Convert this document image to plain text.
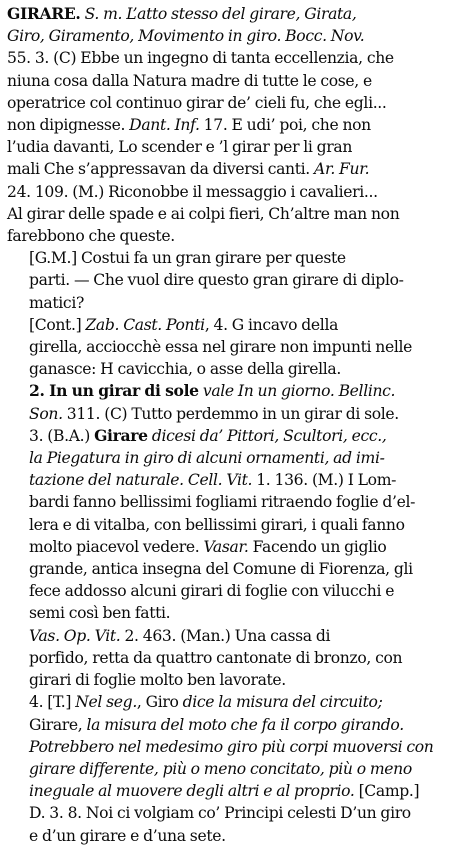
GIRARE. S. m. L’atto stesso del girare, Girata,
Giro, Giramento, Movimento in giro. Bocc. Nov.
55. 3. (C) Ebbe un ingegno di tanta eccellenzia, che
niuna cosa dalla Natura madre di tutte le cose, e
operatrice col continuo girar de’ cieli fu, che egli...
non dipignesse. Dant. Inf. 17. E udi’ poi, che non
l’udia davanti, Lo scender e ’l girar per li gran
mali Che s’appressavan da diversi canti. Ar. Fur.
24. 109. (M.) Riconobbe il messaggio i cavalieri...
Al girar delle spade e ai colpi fieri, Ch’altre man non
farebbono che queste.
[G.M.] Costui fa un gran girare per queste
parti. — Che vuol dire questo gran girare di diplo-
matici?
[Cont.] Zab. Cast. Ponti, 4. G incavo della
girella, acciocchè essa nel girare non impunti nelle
ganasce: H cavicchia, o asse della girella.
2. In un girar di sole vale In un giorno. Bellinc.
Son. 311. (C) Tutto perdemmo in un girar di sole.
3. (B.A.) Girare dicesi da’ Pittori, Scultori, ecc.,
la Piegatura in giro di alcuni ornamenti, ad imi-
tazione del naturale. Cell. Vit. 1. 136. (M.) I Lom-
bardi fanno bellissimi fogliami ritraendo foglie d’el-
lera e di vitalba, con bellissimi girari, i quali fanno
molto piacevol vedere. Vasar. Facendo un giglio
grande, antica insegna del Comune di Fiorenza, gli
fece addosso alcuni girari di foglie con vilucchi e
semi così ben fatti.
Vas. Op. Vit. 2. 463. (Man.) Una cassa di
porfido, retta da quattro cantonate di bronzo, con
girari di foglie molto ben lavorate.
4. [T.] Nel seg., Giro dice la misura del circuito;
Girare, la misura del moto che fa il corpo girando.
Potrebbero nel medesimo giro più corpi muoversi con
girare differente, più o meno concitato, più o meno
ineguale al muovere degli altri e al proprio. [Camp.]
D. 3. 8. Noi ci volgiam co’ Principi celesti D’un giro
e d’un girare e d’una sete.
